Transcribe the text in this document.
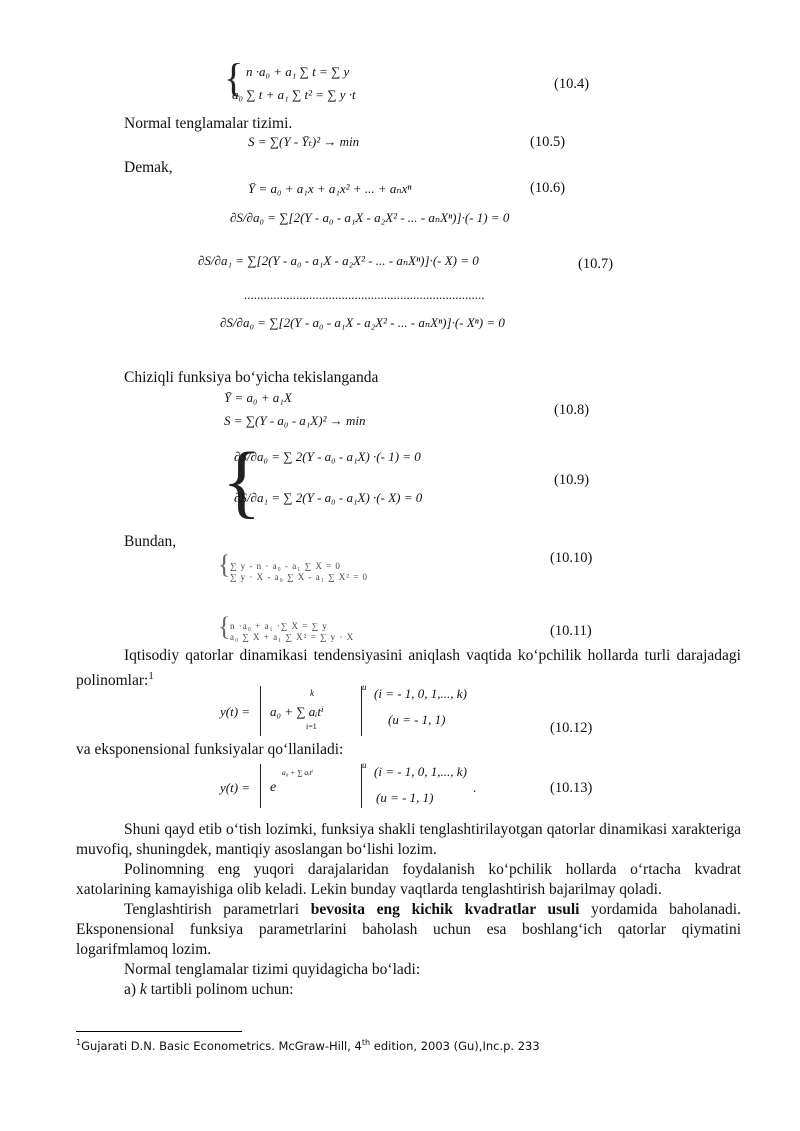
{ n ·a₀ + a₁ ∑ t = ∑ y
a₀ ∑ t + a₁ ∑ t² = ∑ y ·t
(10.4)
Normal tenglamalar tizimi.
S = ∑(Y - Ȳₜ)² → min	(10.5)
Demak,
Ȳ = a₀ + a₁x + a₁x² + ... + aₙxⁿ	(10.6)
∂S/∂a₀ = ∑[2(Y - a₀ - a₁X - a₂X² - ... - aₙXⁿ)]·(- 1) = 0
∂S/∂a₁ = ∑[2(Y - a₀ - a₁X - a₂X² - ... - aₙXⁿ)]·(- X) = 0	(10.7)
..........................................................................
∂S/∂a₀ = ∑[2(Y - a₀ - a₁X - a₂X² - ... - aₙXⁿ)]·(- Xⁿ) = 0
Chiziqli funksiya boʻyicha tekislanganda
Ȳ = a₀ + a₁X
S = ∑(Y - a₀ - a₁X)² → min
(10.8)
{
∂S/∂a₀ = ∑ 2(Y - a₀ - a₁X) ·(- 1) = 0
∂S/∂a₁ = ∑ 2(Y - a₀ - a₁X) ·(- X) = 0
(10.9)
Bundan,
{ ∑ y - n · a₀ - a₁ ∑ X = 0
∑ y · X - a₀ ∑ X - a₁ ∑ X² = 0
(10.10)
{ n ·a₀ + a₁ ·∑ X = ∑ y
a₀ ∑ X + a₁ ∑ X² = ∑ y · X	(10.11)
Iqtisodiy qatorlar dinamikasi tendensiyasini aniqlash vaqtida koʻpchilik hollarda turli darajadagi polinomlar:$^1$
y(t) =
k
a₀ + ∑ aᵢtⁱ
i=1
u (i = - 1, 0, 1,..., k)
(u = - 1, 1)
(10.12)
va eksponensional funksiyalar qoʻllaniladi:
y(t) = e
a₀ + ∑ aᵢtⁱ
u (i = - 1, 0, 1,..., k)
(u = - 1, 1)
.	(10.13)
Shuni qayd etib oʻtish lozimki, funksiya shakli tenglashtirilayotgan qatorlar dinamikasi xarakteriga muvofiq, shuningdek, mantiqiy asoslangan boʻlishi lozim.
Polinomning eng yuqori darajalaridan foydalanish koʻpchilik hollarda oʻrtacha kvadrat xatolarining kamayishiga olib keladi. Lekin bunday vaqtlarda tenglashtirish bajarilmay qoladi.
Tenglashtirish parametrlari bevosita eng kichik kvadratlar usuli yordamida baholanadi. Eksponensional funksiya parametrlarini baholash uchun esa boshlangʻich qatorlar qiymatini logarifmlamoq lozim.
Normal tenglamalar tizimi quyidagicha boʻladi:
a) k tartibli polinom uchun:
$^1$Gujarati D.N. Basic Econometrics. McGraw-Hill, 4th edition, 2003 (Gu),Inc.p. 233
